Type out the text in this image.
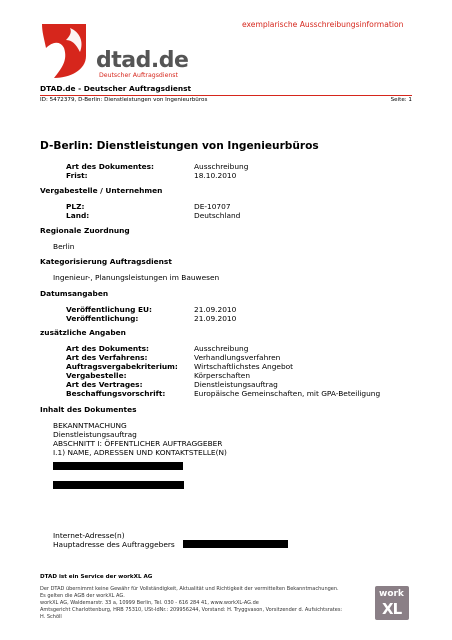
exemplarische Ausschreibungsinformation
dtad.de
Deutscher Auftragsdienst
DTAD.de - Deutscher Auftragsdienst
ID: 5472379, D-Berlin: Dienstleistungen von Ingenieurbüros	Seite: 1
D-Berlin: Dienstleistungen von Ingenieurbüros
Art des Dokumentes:	Ausschreibung
Frist:	18.10.2010
Vergabestelle / Unternehmen
PLZ:	DE-10707
Land:	Deutschland
Regionale Zuordnung
Berlin
Kategorisierung Auftragsdienst
Ingenieur-, Planungsleistungen im Bauwesen
Datumsangaben
Veröffentlichung EU:	21.09.2010
Veröffentlichung:	21.09.2010
zusätzliche Angaben
Art des Dokuments:	Ausschreibung
Art des Verfahrens:	Verhandlungsverfahren
Auftragsvergabekriterium: Wirtschaftlichstes Angebot
Vergabestelle:	Körperschaften
Art des Vertrages:	Dienstleistungsauftrag
Beschaffungsvorschrift:	Europäische Gemeinschaften, mit GPA-Beteiligung
Inhalt des Dokumentes
BEKANNTMACHUNG
Dienstleistungsauftrag
ABSCHNITT I: ÖFFENTLICHER AUFTRAGGEBER
I.1) NAME, ADRESSEN UND KONTAKTSTELLE(N)
Internet-Adresse(n)
Hauptadresse des Auftraggebers
DTAD ist ein Service der workXL AG
Der DTAD übernimmt keine Gewähr für Vollständigkeit, Aktualität und Richtigkeit der vermittelten Bekanntmachungen.
Es gelten die AGB der workXL AG.
workXL AG, Waldemarstr. 33 a, 10999 Berlin, Tel. 030 - 616 284 41, www.workXL-AG.de
Amtsgericht Charlottenburg, HRB 75310, USt-IdNr.: 209956244, Vorstand: H. Tryggvason, Vorsitzender d. Aufsichtsrates:
H. Schöll
work
XL
